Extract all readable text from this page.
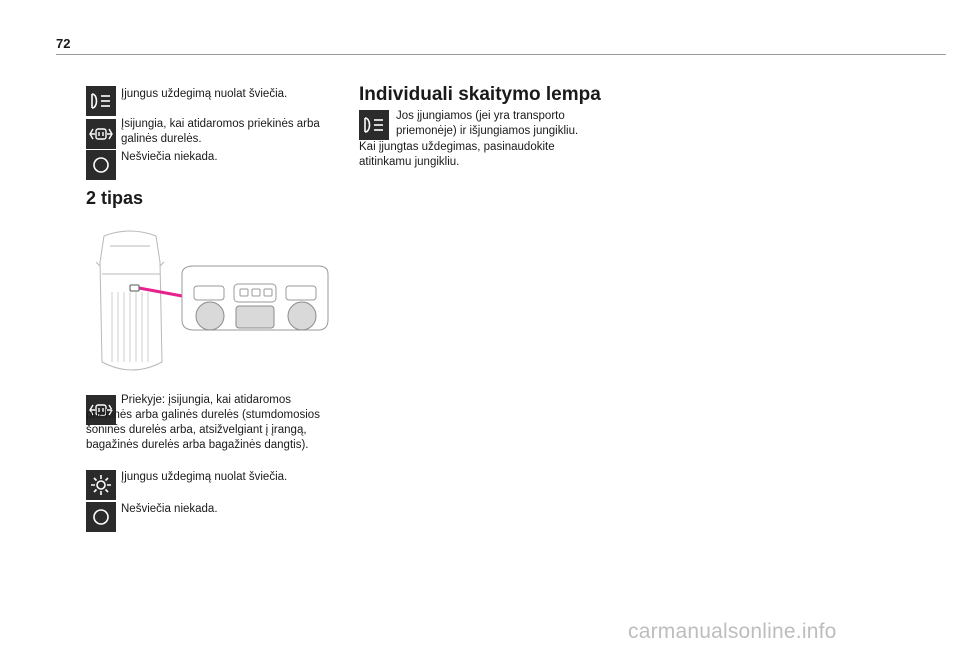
72

Įjungus uždegimą nuolat šviečia.

Įsijungia, kai atidaromos priekinės arba galinės durelės.

Nešviečia niekada.

2 tipas

Priekyje: įsijungia, kai atidaromos priekinės arba galinės durelės (stumdomosios šoninės durelės arba, atsižvelgiant į įrangą, bagažinės durelės arba bagažinės dangtis).

Įjungus uždegimą nuolat šviečia.

Nešviečia niekada.

Individuali skaitymo lempa

Jos įjungiamos (jei yra transporto priemonėje) ir išjungiamos jungikliu.

Kai įjungtas uždegimas, pasinaudokite atitinkamu jungikliu.

carmanualsonline.info
